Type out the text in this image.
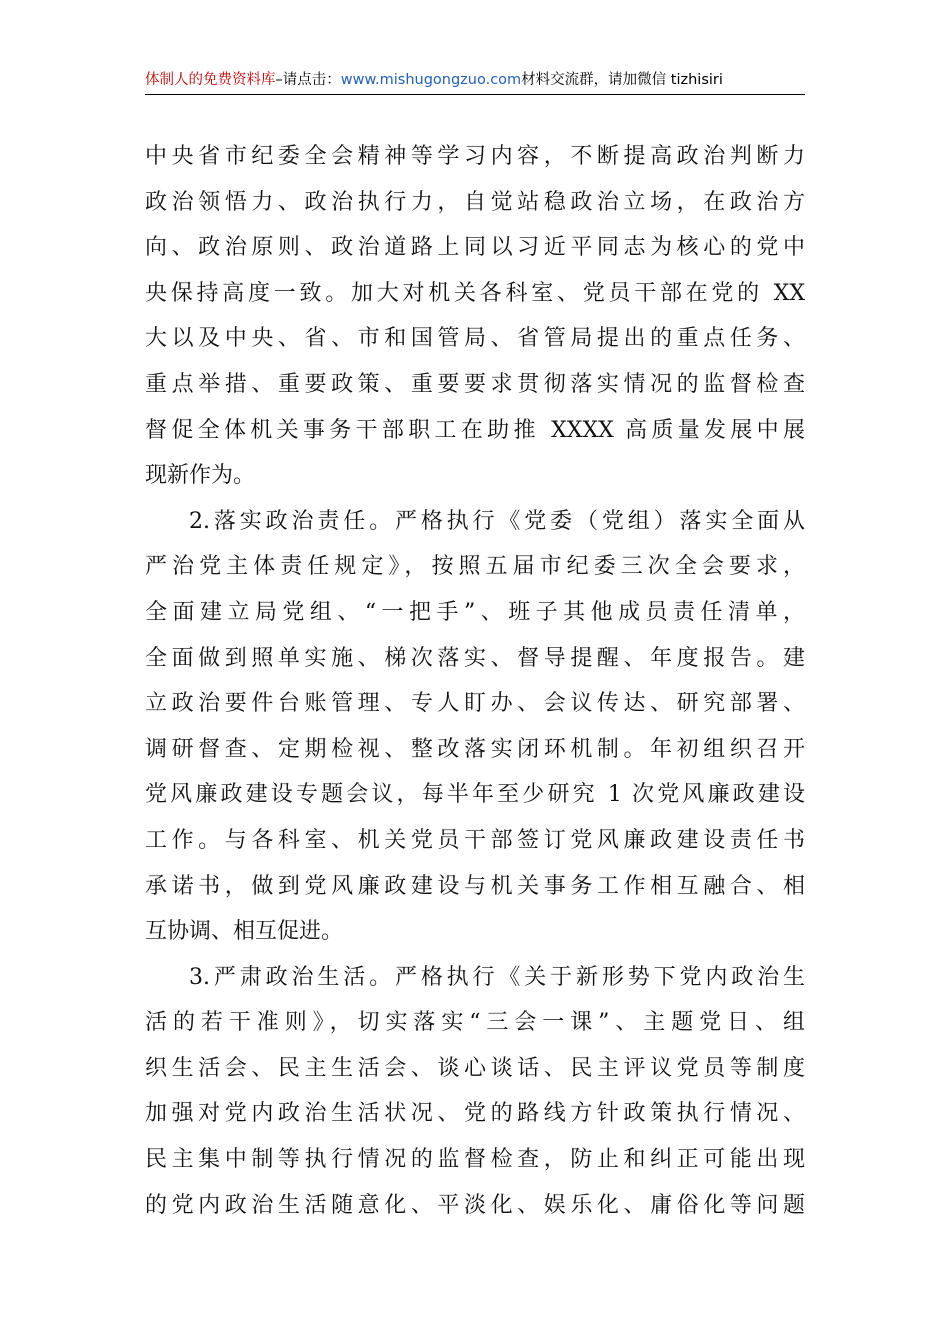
体制人的免费资料库–请点击：www.mishugongzuo.com材料交流群，请加微信 tizhisiri
中央省市纪委全会精神等学习内容，不断提高政治判断力
政治领悟力、政治执行力，自觉站稳政治立场，在政治方
向、政治原则、政治道路上同以习近平同志为核心的党中
央保持高度一致。加大对机关各科室、党员干部在党的 XX
大以及中央、省、市和国管局、省管局提出的重点任务、
重点举措、重要政策、重要要求贯彻落实情况的监督检查
督促全体机关事务干部职工在助推 XXXX 高质量发展中展
现新作为。
2.落实政治责任。严格执行《党委（党组）落实全面从
严治党主体责任规定》，按照五届市纪委三次全会要求，
全面建立局党组、“一把手”、班子其他成员责任清单，
全面做到照单实施、梯次落实、督导提醒、年度报告。建
立政治要件台账管理、专人盯办、会议传达、研究部署、
调研督查、定期检视、整改落实闭环机制。年初组织召开
党风廉政建设专题会议，每半年至少研究 1 次党风廉政建设
工作。与各科室、机关党员干部签订党风廉政建设责任书
承诺书，做到党风廉政建设与机关事务工作相互融合、相
互协调、相互促进。
3.严肃政治生活。严格执行《关于新形势下党内政治生
活的若干准则》，切实落实“三会一课”、主题党日、组
织生活会、民主生活会、谈心谈话、民主评议党员等制度
加强对党内政治生活状况、党的路线方针政策执行情况、
民主集中制等执行情况的监督检查，防止和纠正可能出现
的党内政治生活随意化、平淡化、娱乐化、庸俗化等问题
